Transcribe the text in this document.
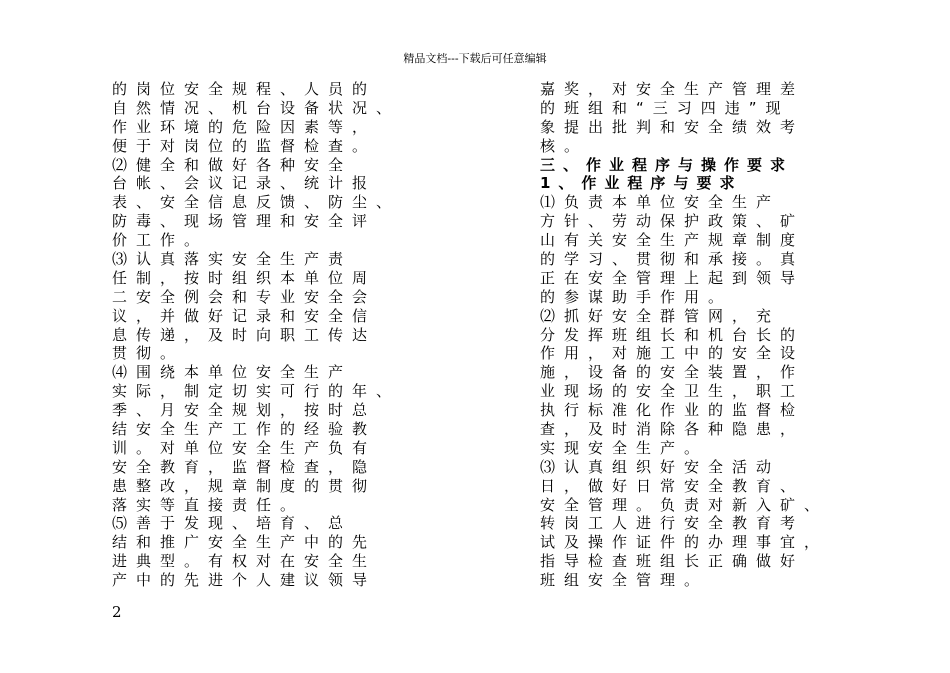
精品文档---下载后可任意编辑
的岗位安全规程、人员的
自然情况、机台设备状况、
作业环境的危险因素等，
便于对岗位的监督检查。
⑵健全和做好各种安全
台帐、会议记录、统计报
表、安全信息反馈、防尘、
防毒、现场管理和安全评
价工作。
⑶认真落实安全生产责
任制，按时组织本单位周
二安全例会和专业安全会
议，并做好记录和安全信
息传递，及时向职工传达
贯彻。
⑷围绕本单位安全生产
实际，制定切实可行的年、
季、月安全规划，按时总
结安全生产工作的经验教
训。对单位安全生产负有
安全教育，监督检查，隐
患整改，规章制度的贯彻
落实等直接责任。
⑸善于发现、培育、总
结和推广安全生产中的先
进典型。有权对在安全生
产中的先进个人建议领导
嘉奖，对安全生产管理差
的班组和“三习四违”现
象提出批判和安全绩效考
核。
三、作业程序与操作要求
1、作业程序与要求
⑴负责本单位安全生产
方针、劳动保护政策、矿
山有关安全生产规章制度
的学习、贯彻和承接。真
正在安全管理上起到领导
的参谋助手作用。
⑵抓好安全群管网，充
分发挥班组长和机台长的
作用，对施工中的安全设
施，设备的安全装置，作
业现场的安全卫生，职工
执行标准化作业的监督检
查，及时消除各种隐患，
实现安全生产。
⑶认真组织好安全活动
日，做好日常安全教育、
安全管理。负责对新入矿、
转岗工人进行安全教育考
试及操作证件的办理事宜，
指导检查班组长正确做好
班组安全管理。
2
